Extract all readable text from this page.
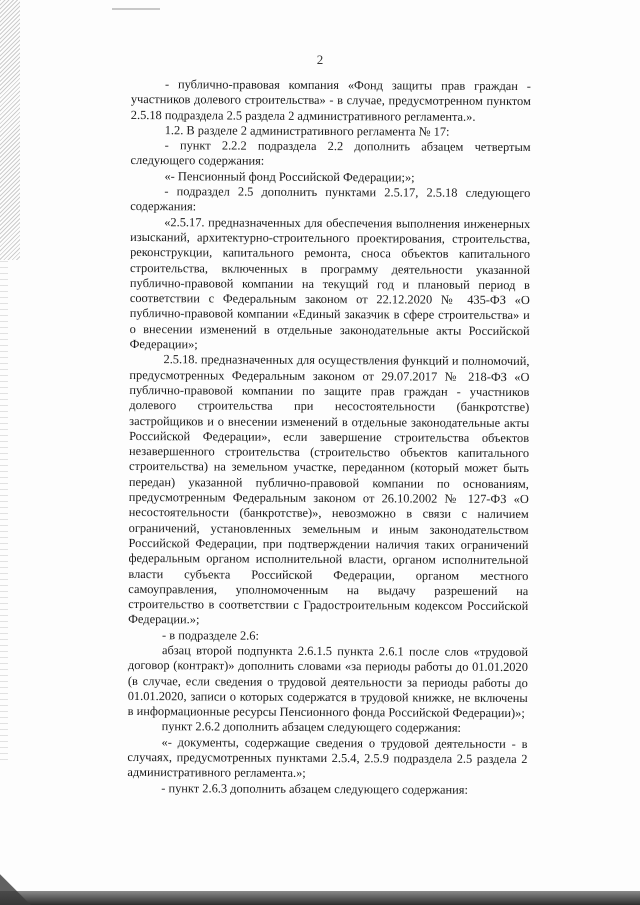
2

- публично-правовая компания «Фонд защиты прав граждан - участников долевого строительства» - в случае, предусмотренном пунктом 2.5.18 подраздела 2.5 раздела 2 административного регламента.».

1.2. В разделе 2 административного регламента № 17:

- пункт 2.2.2 подраздела 2.2 дополнить абзацем четвертым следующего содержания:

«- Пенсионный фонд Российской Федерации;»;

- подраздел 2.5 дополнить пунктами 2.5.17, 2.5.18 следующего содержания:

«2.5.17. предназначенных для обеспечения выполнения инженерных изысканий, архитектурно-строительного проектирования, строительства, реконструкции, капитального ремонта, сноса объектов капитального строительства, включенных в программу деятельности указанной публично-правовой компании на текущий год и плановый период в соответствии с Федеральным законом от 22.12.2020 № 435-ФЗ «О публично-правовой компании «Единый заказчик в сфере строительства» и о внесении изменений в отдельные законодательные акты Российской Федерации»;

2.5.18. предназначенных для осуществления функций и полномочий, предусмотренных Федеральным законом от 29.07.2017 № 218-ФЗ «О публично-правовой компании по защите прав граждан - участников долевого строительства при несостоятельности (банкротстве) застройщиков и о внесении изменений в отдельные законодательные акты Российской Федерации», если завершение строительства объектов незавершенного строительства (строительство объектов капитального строительства) на земельном участке, переданном (который может быть передан) указанной публично-правовой компании по основаниям, предусмотренным Федеральным законом от 26.10.2002 № 127-ФЗ «О несостоятельности (банкротстве)», невозможно в связи с наличием ограничений, установленных земельным и иным законодательством Российской Федерации, при подтверждении наличия таких ограничений федеральным органом исполнительной власти, органом исполнительной власти субъекта Российской Федерации, органом местного самоуправления, уполномоченным на выдачу разрешений на строительство в соответствии с Градостроительным кодексом Российской Федерации.»;

- в подразделе 2.6:

абзац второй подпункта 2.6.1.5 пункта 2.6.1 после слов «трудовой договор (контракт)» дополнить словами «за периоды работы до 01.01.2020 (в случае, если сведения о трудовой деятельности за периоды работы до 01.01.2020, записи о которых содержатся в трудовой книжке, не включены в информационные ресурсы Пенсионного фонда Российской Федерации)»;

пункт 2.6.2 дополнить абзацем следующего содержания:

«- документы, содержащие сведения о трудовой деятельности - в случаях, предусмотренных пунктами 2.5.4, 2.5.9 подраздела 2.5 раздела 2 административного регламента.»;

- пункт 2.6.3 дополнить абзацем следующего содержания:
